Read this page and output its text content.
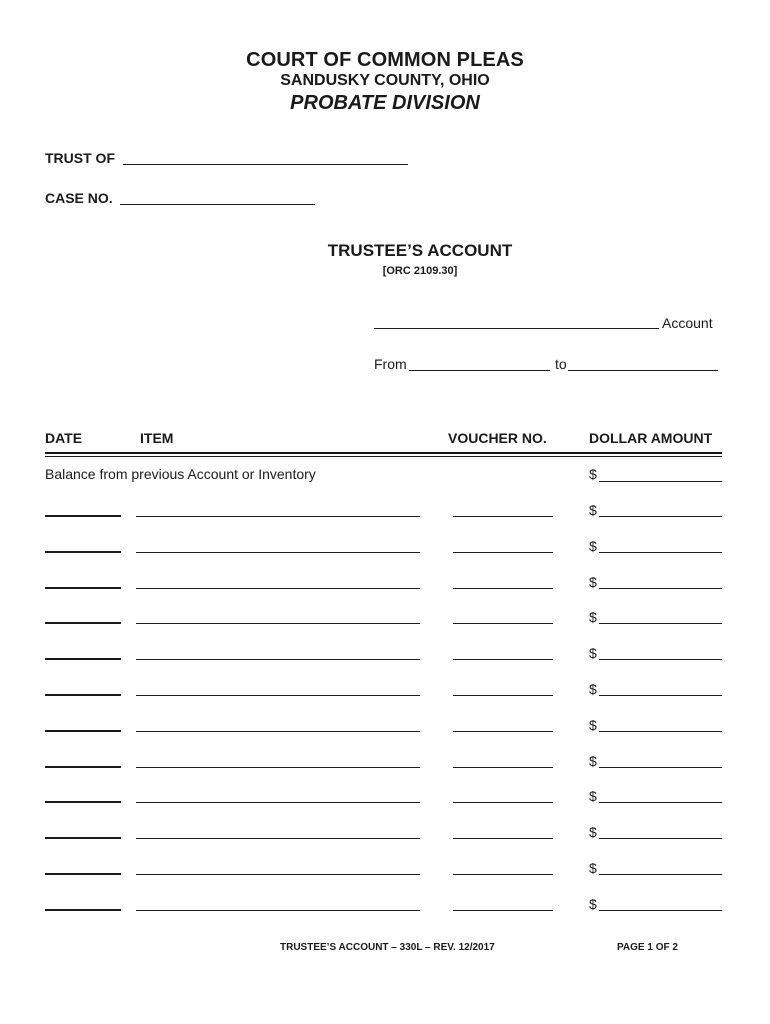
COURT OF COMMON PLEAS
SANDUSKY COUNTY, OHIO
PROBATE DIVISION
TRUST OF
CASE NO.
TRUSTEE’S ACCOUNT
[ORC 2109.30]
Account
From	to
DATE	ITEM	VOUCHER NO.	DOLLAR AMOUNT
Balance from previous Account or Inventory	$
$
$
$
$
$
$
$
$
$
$
$
$
TRUSTEE’S ACCOUNT – 330L – REV. 12/2017	PAGE 1 OF 2
